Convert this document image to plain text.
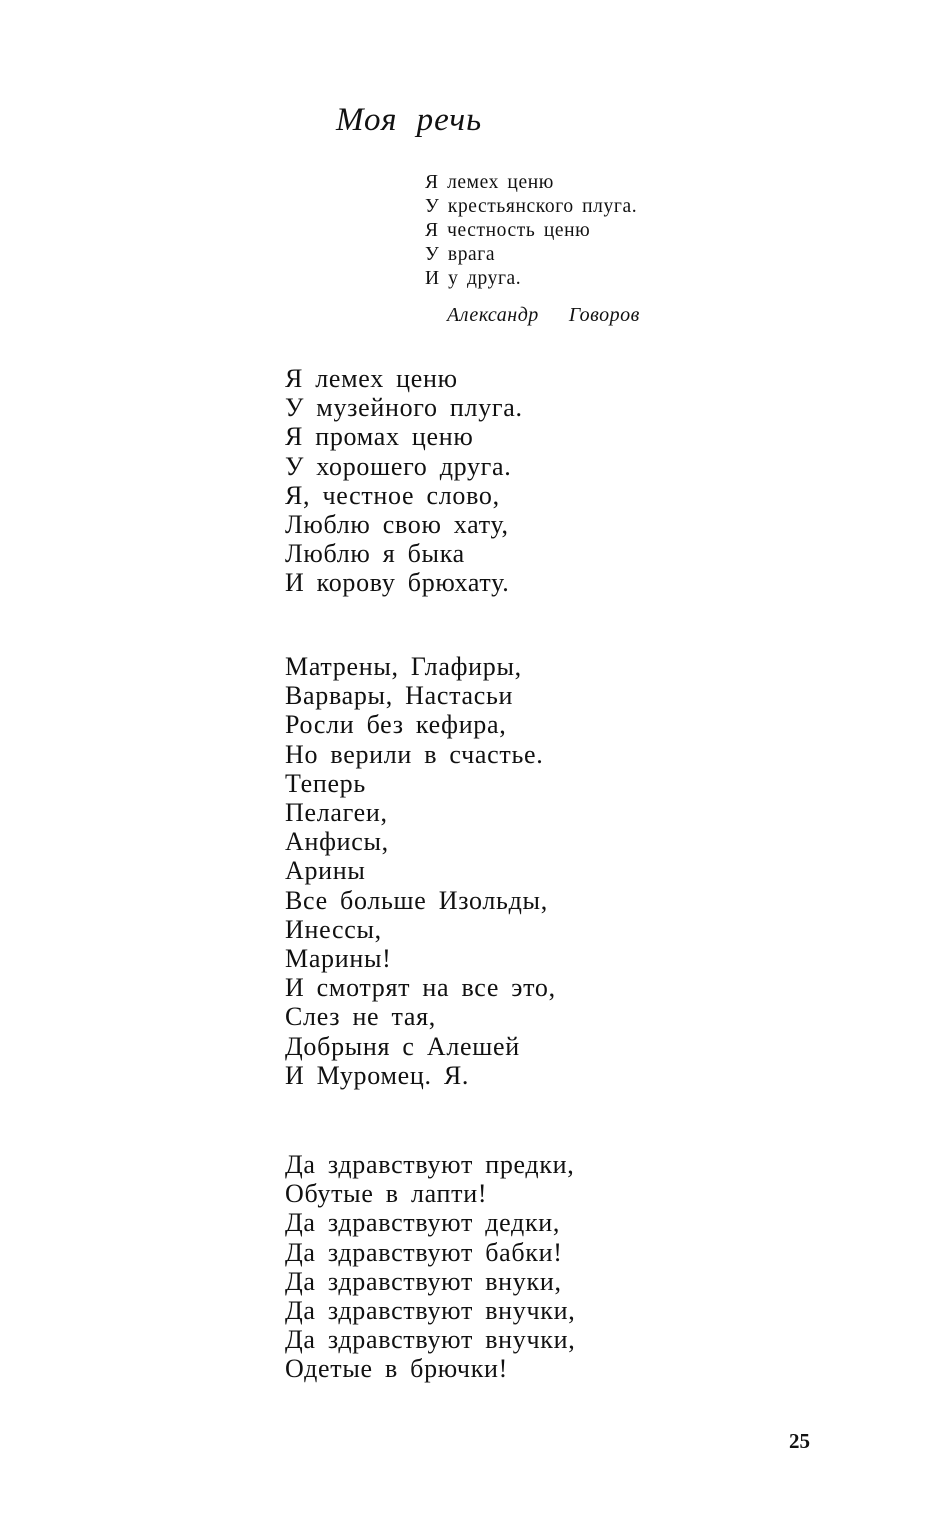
Моя речь
Я лемех ценю
У крестьянского плуга.
Я честность ценю
У врага
И у друга.
Александр Говоров
Я лемех ценю
У музейного плуга.
Я промах ценю
У хорошего друга.
Я, честное слово,
Люблю свою хату,
Люблю я быка
И корову брюхату.
Матрены, Глафиры,
Варвары, Настасьи
Росли без кефира,
Но верили в счастье.
Теперь
Пелагеи,
Анфисы,
Арины
Все больше Изольды,
Инессы,
Марины!
И смотрят на все это,
Слез не тая,
Добрыня с Алешей
И Муромец. Я.
Да здравствуют предки,
Обутые в лапти!
Да здравствуют дедки,
Да здравствуют бабки!
Да здравствуют внуки,
Да здравствуют внучки,
Да здравствуют внучки,
Одетые в брючки!
25
